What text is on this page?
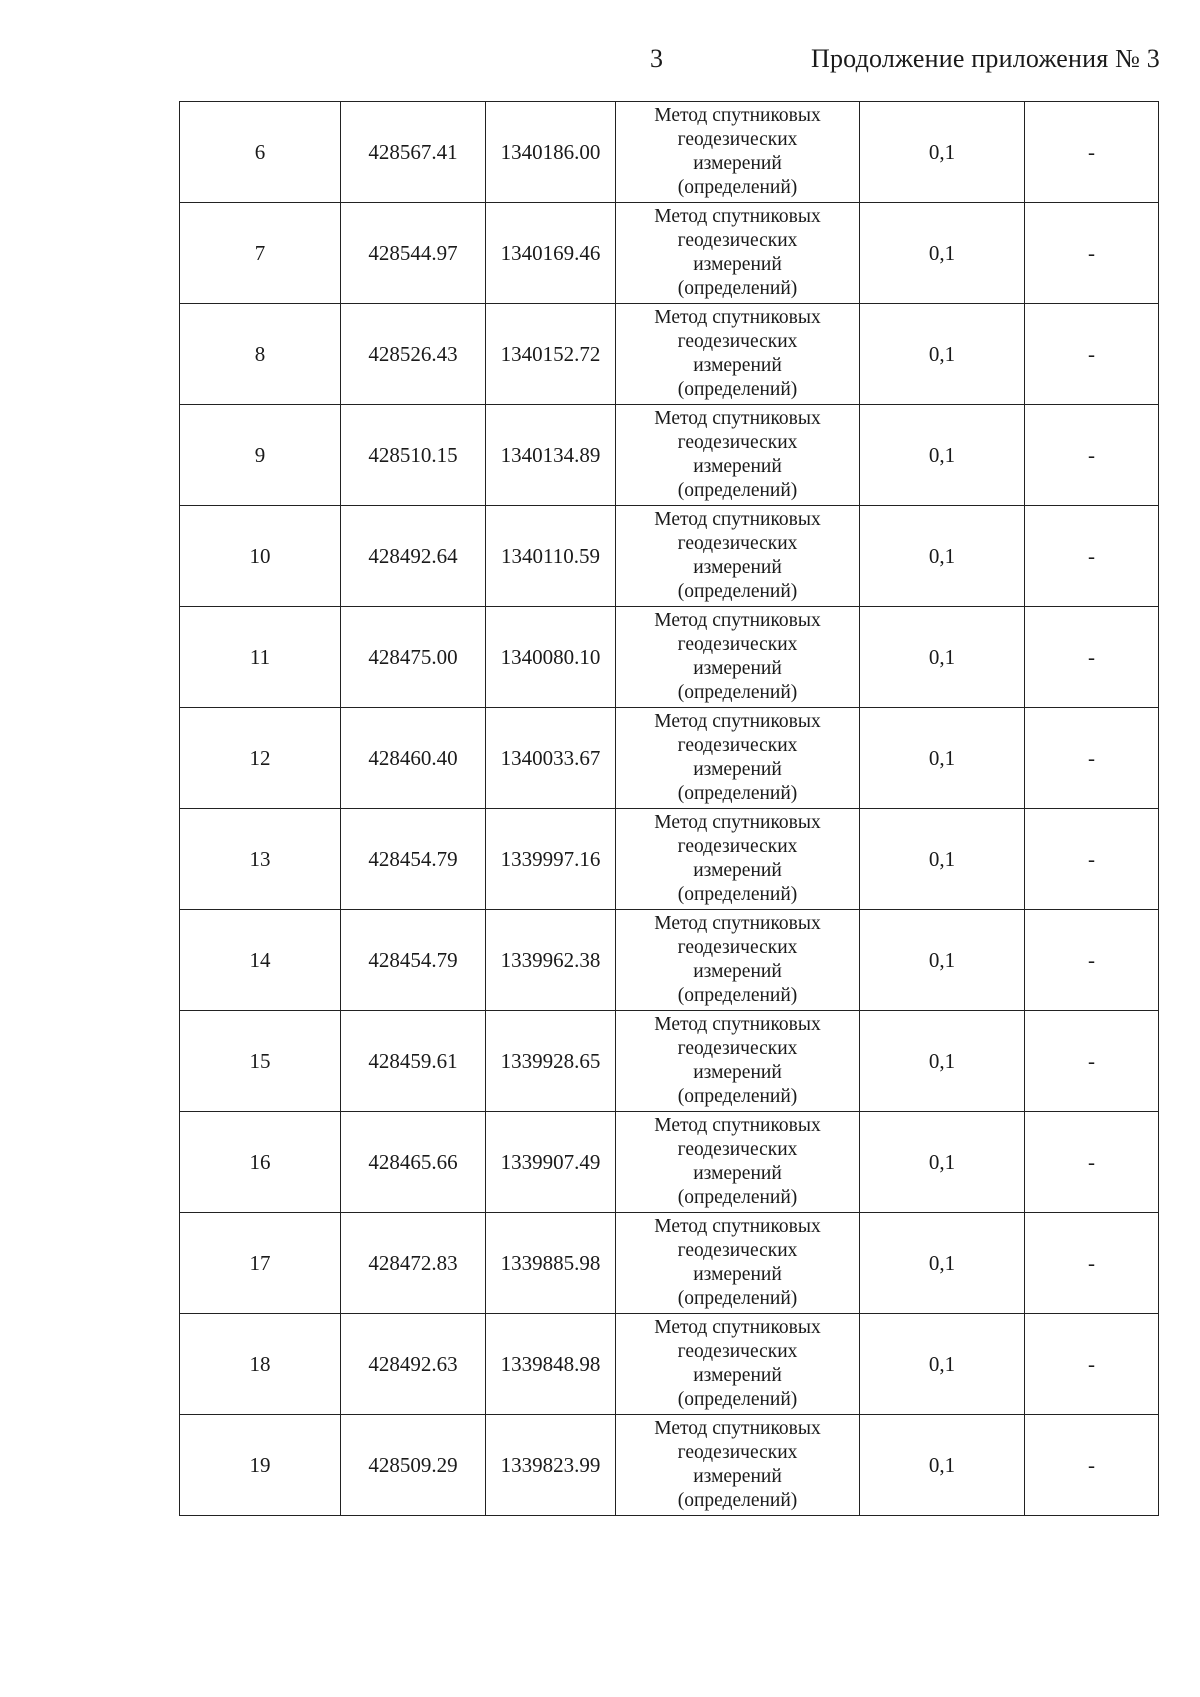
3	Продолжение приложения № 3
6	428567.41	1340186.00	Метод спутниковых
геодезических
измерений
(определений)	0,1	-
7	428544.97	1340169.46	Метод спутниковых
геодезических
измерений
(определений)	0,1	-
8	428526.43	1340152.72	Метод спутниковых
геодезических
измерений
(определений)	0,1	-
9	428510.15	1340134.89	Метод спутниковых
геодезических
измерений
(определений)	0,1	-
10	428492.64	1340110.59	Метод спутниковых
геодезических
измерений
(определений)	0,1	-
11	428475.00	1340080.10	Метод спутниковых
геодезических
измерений
(определений)	0,1	-
12	428460.40	1340033.67	Метод спутниковых
геодезических
измерений
(определений)	0,1	-
13	428454.79	1339997.16	Метод спутниковых
геодезических
измерений
(определений)	0,1	-
14	428454.79	1339962.38	Метод спутниковых
геодезических
измерений
(определений)	0,1	-
15	428459.61	1339928.65	Метод спутниковых
геодезических
измерений
(определений)	0,1	-
16	428465.66	1339907.49	Метод спутниковых
геодезических
измерений
(определений)	0,1	-
17	428472.83	1339885.98	Метод спутниковых
геодезических
измерений
(определений)	0,1	-
18	428492.63	1339848.98	Метод спутниковых
геодезических
измерений
(определений)	0,1	-
19	428509.29	1339823.99	Метод спутниковых
геодезических
измерений
(определений)	0,1	-
